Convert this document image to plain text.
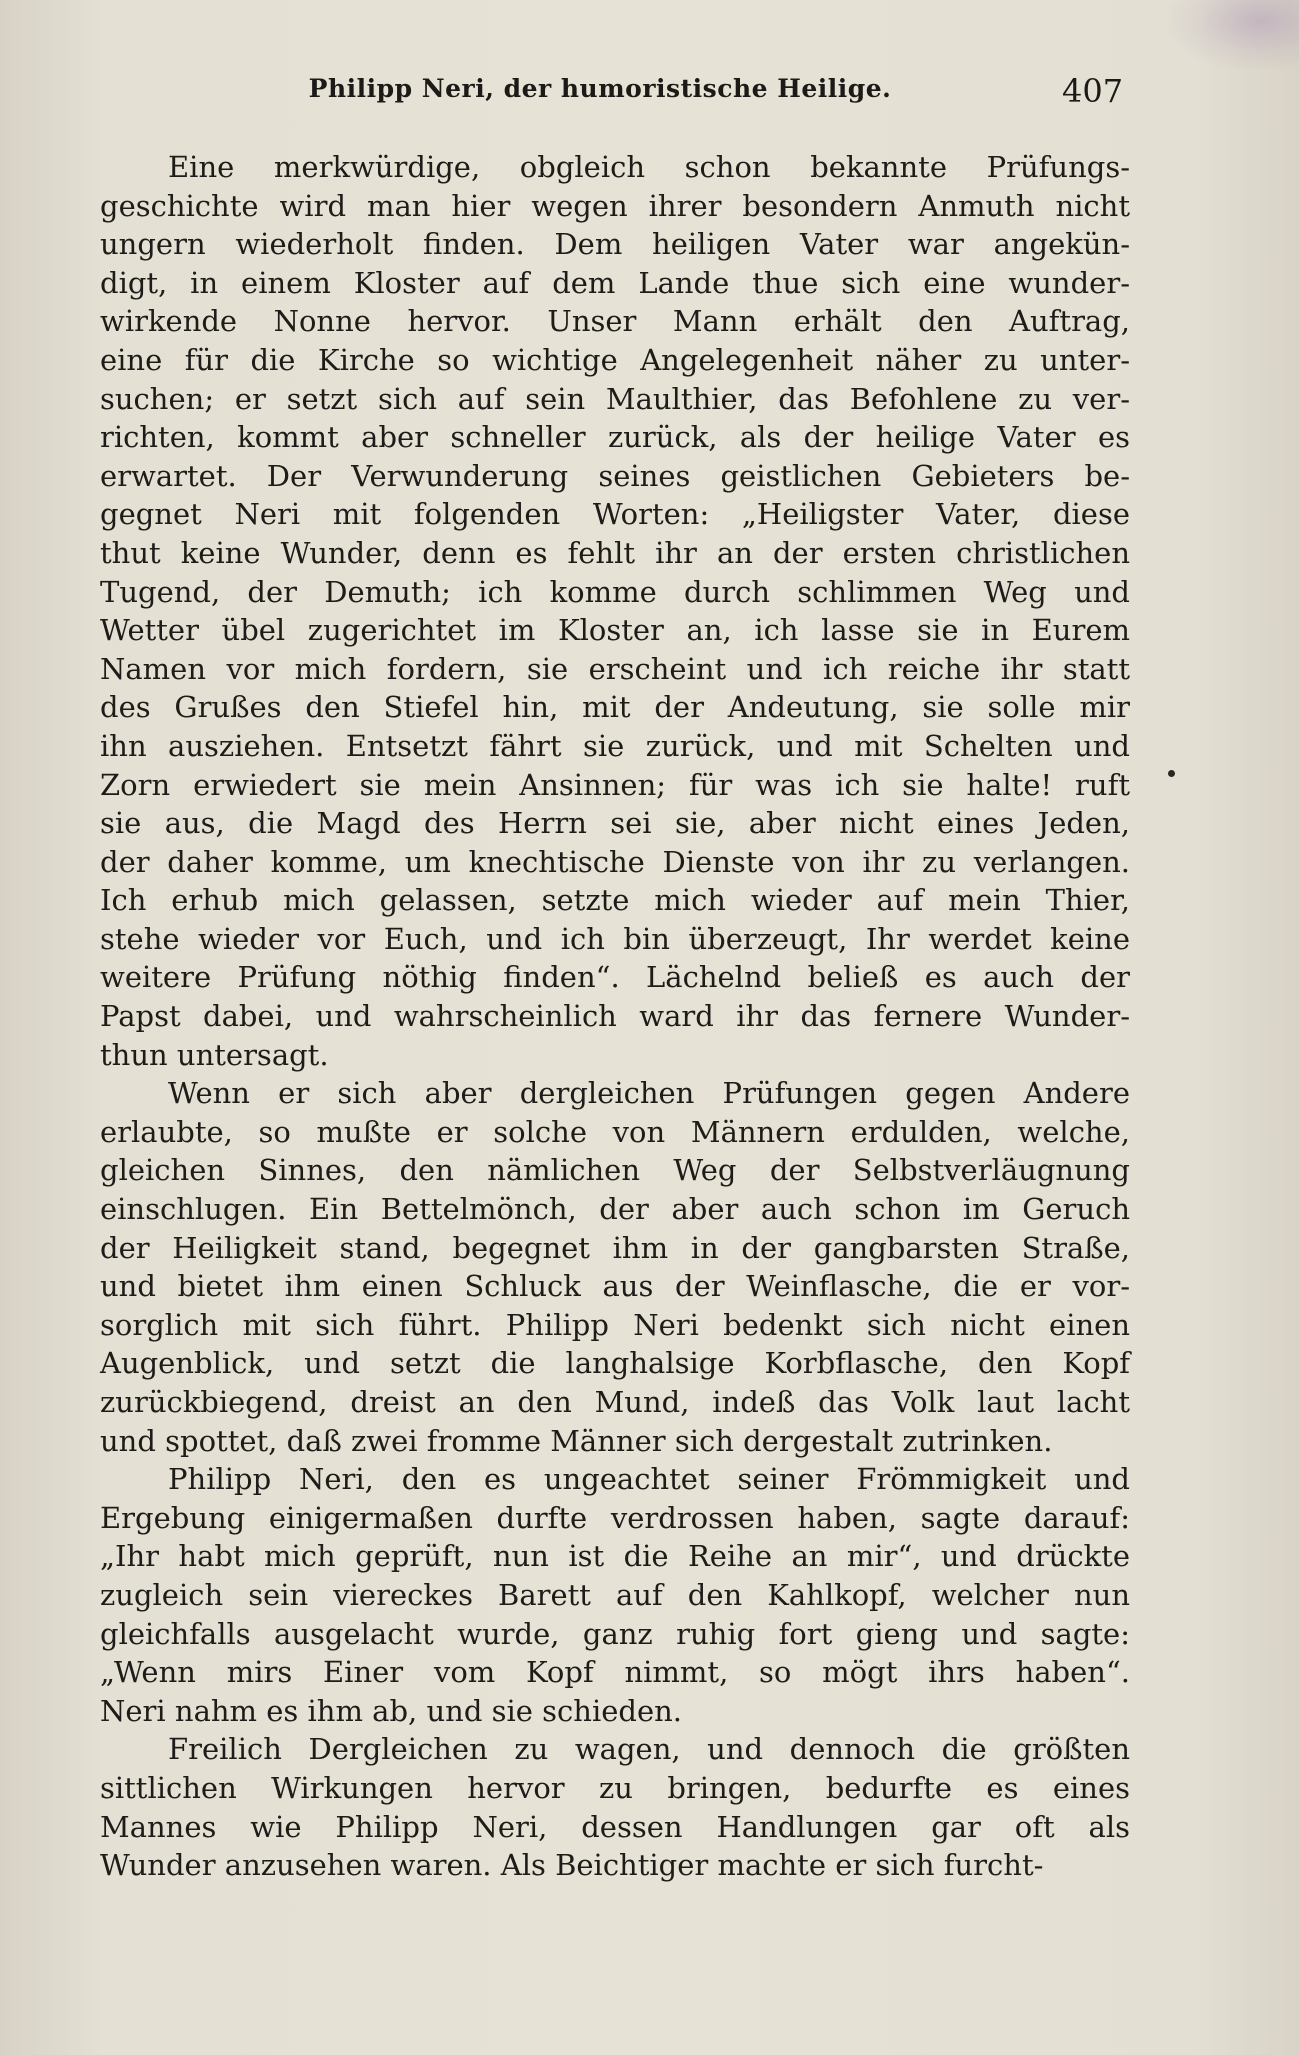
Philipp Neri, der humoristische Heilige.	407
Eine merkwürdige, obgleich schon bekannte Prüfungs-
geschichte wird man hier wegen ihrer besondern Anmuth nicht
ungern wiederholt finden. Dem heiligen Vater war angekün-
digt, in einem Kloster auf dem Lande thue sich eine wunder-
wirkende Nonne hervor. Unser Mann erhält den Auftrag,
eine für die Kirche so wichtige Angelegenheit näher zu unter-
suchen; er setzt sich auf sein Maulthier, das Befohlene zu ver-
richten, kommt aber schneller zurück, als der heilige Vater es
erwartet. Der Verwunderung seines geistlichen Gebieters be-
gegnet Neri mit folgenden Worten: „Heiligster Vater, diese
thut keine Wunder, denn es fehlt ihr an der ersten christlichen
Tugend, der Demuth; ich komme durch schlimmen Weg und
Wetter übel zugerichtet im Kloster an, ich lasse sie in Eurem
Namen vor mich fordern, sie erscheint und ich reiche ihr statt
des Grußes den Stiefel hin, mit der Andeutung, sie solle mir
ihn ausziehen. Entsetzt fährt sie zurück, und mit Schelten und
Zorn erwiedert sie mein Ansinnen; für was ich sie halte! ruft
sie aus, die Magd des Herrn sei sie, aber nicht eines Jeden,
der daher komme, um knechtische Dienste von ihr zu verlangen.
Ich erhub mich gelassen, setzte mich wieder auf mein Thier,
stehe wieder vor Euch, und ich bin überzeugt, Ihr werdet keine
weitere Prüfung nöthig finden“. Lächelnd beließ es auch der
Papst dabei, und wahrscheinlich ward ihr das fernere Wunder-
thun untersagt.
Wenn er sich aber dergleichen Prüfungen gegen Andere
erlaubte, so mußte er solche von Männern erdulden, welche,
gleichen Sinnes, den nämlichen Weg der Selbstverläugnung
einschlugen. Ein Bettelmönch, der aber auch schon im Geruch
der Heiligkeit stand, begegnet ihm in der gangbarsten Straße,
und bietet ihm einen Schluck aus der Weinflasche, die er vor-
sorglich mit sich führt. Philipp Neri bedenkt sich nicht einen
Augenblick, und setzt die langhalsige Korbflasche, den Kopf
zurückbiegend, dreist an den Mund, indeß das Volk laut lacht
und spottet, daß zwei fromme Männer sich dergestalt zutrinken.
Philipp Neri, den es ungeachtet seiner Frömmigkeit und
Ergebung einigermaßen durfte verdrossen haben, sagte darauf:
„Ihr habt mich geprüft, nun ist die Reihe an mir“, und drückte
zugleich sein viereckes Barett auf den Kahlkopf, welcher nun
gleichfalls ausgelacht wurde, ganz ruhig fort gieng und sagte:
„Wenn mirs Einer vom Kopf nimmt, so mögt ihrs haben“.
Neri nahm es ihm ab, und sie schieden.
Freilich Dergleichen zu wagen, und dennoch die größten
sittlichen Wirkungen hervor zu bringen, bedurfte es eines
Mannes wie Philipp Neri, dessen Handlungen gar oft als
Wunder anzusehen waren. Als Beichtiger machte er sich furcht-
